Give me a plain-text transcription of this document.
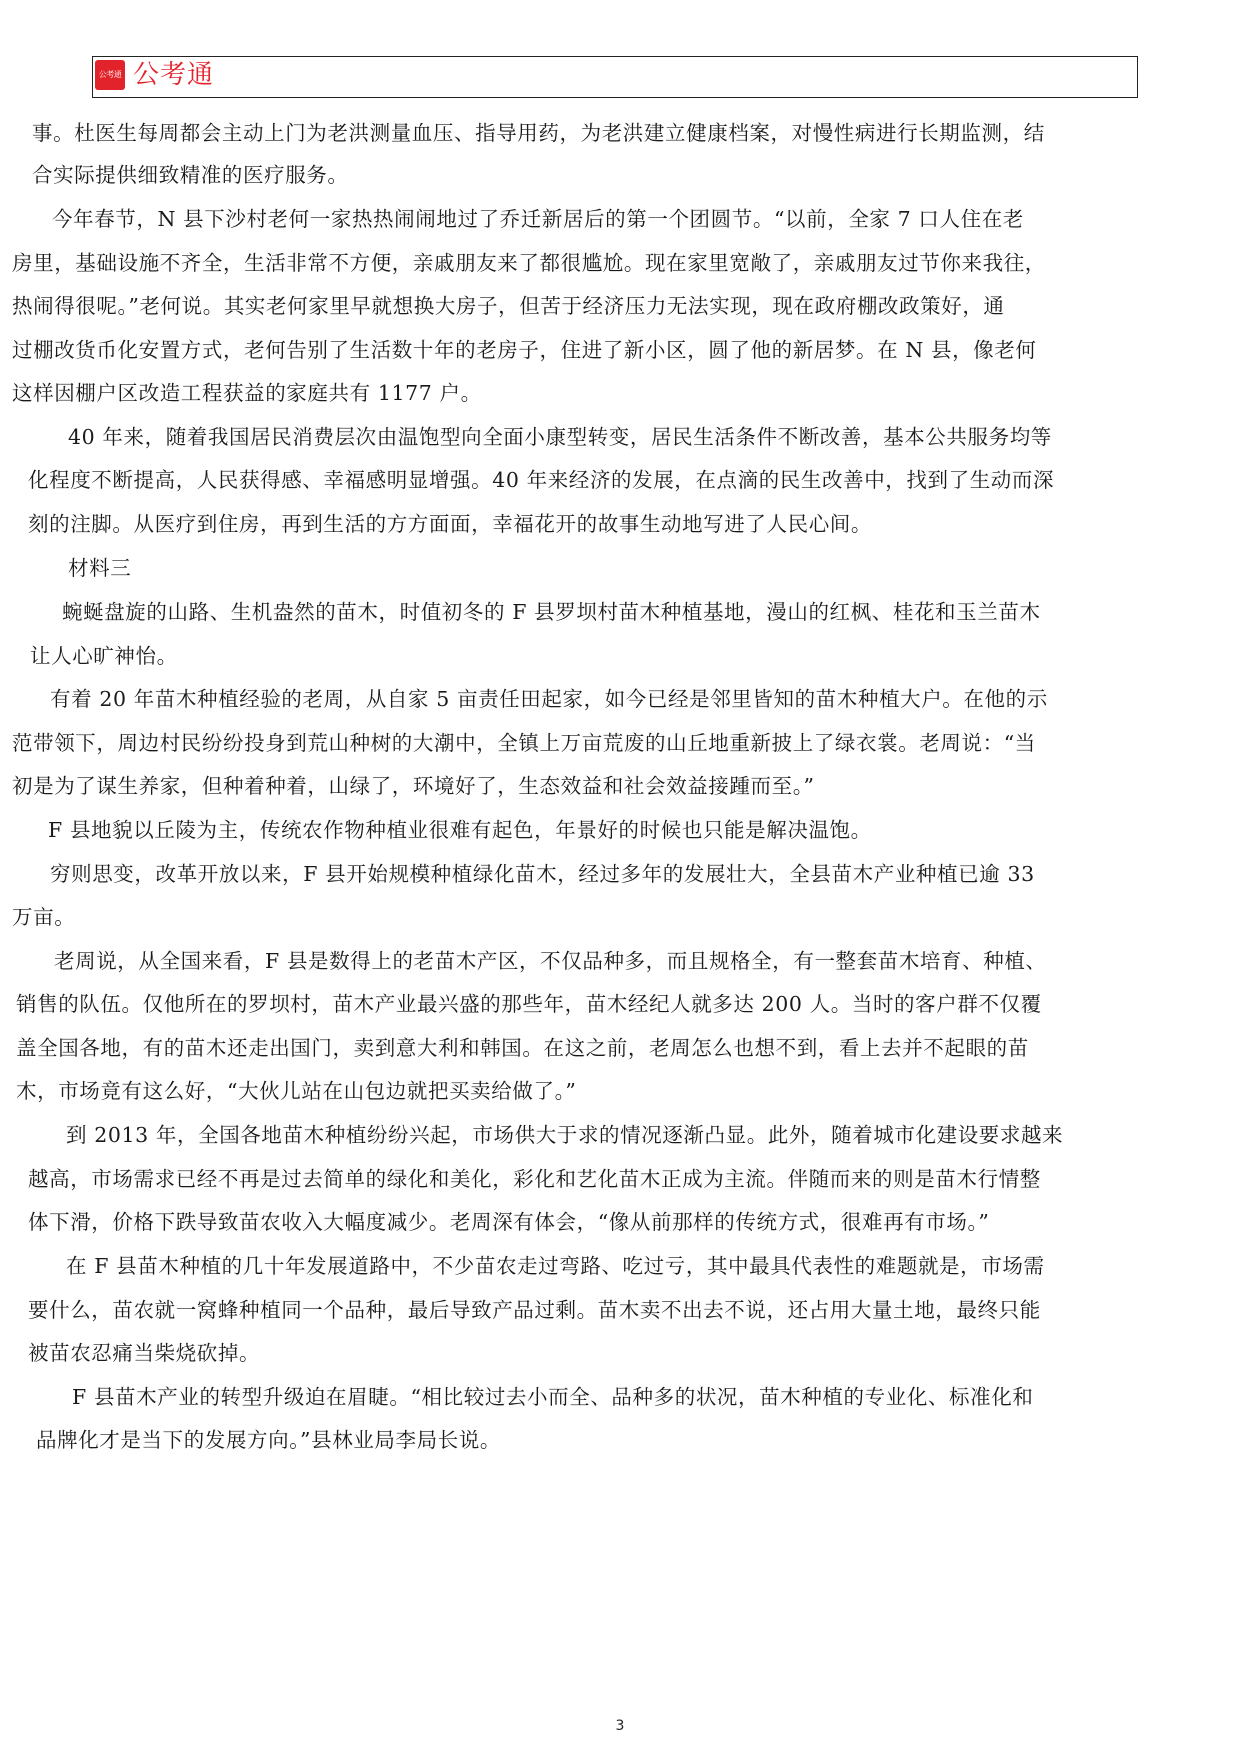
公考通 公考通
事。杜医生每周都会主动上门为老洪测量血压、指导用药，为老洪建立健康档案，对慢性病进行长期监测，结
合实际提供细致精准的医疗服务。
今年春节，N 县下沙村老何一家热热闹闹地过了乔迁新居后的第一个团圆节。“以前，全家 7 口人住在老
房里，基础设施不齐全，生活非常不方便，亲戚朋友来了都很尴尬。现在家里宽敞了，亲戚朋友过节你来我往，
热闹得很呢。”老何说。其实老何家里早就想换大房子，但苦于经济压力无法实现，现在政府棚改政策好，通
过棚改货币化安置方式，老何告别了生活数十年的老房子，住进了新小区，圆了他的新居梦。在 N 县，像老何
这样因棚户区改造工程获益的家庭共有 1177 户。
40 年来，随着我国居民消费层次由温饱型向全面小康型转变，居民生活条件不断改善，基本公共服务均等
化程度不断提高，人民获得感、幸福感明显增强。40 年来经济的发展，在点滴的民生改善中，找到了生动而深
刻的注脚。从医疗到住房，再到生活的方方面面，幸福花开的故事生动地写进了人民心间。
材料三
蜿蜒盘旋的山路、生机盎然的苗木，时值初冬的 F 县罗坝村苗木种植基地，漫山的红枫、桂花和玉兰苗木
让人心旷神怡。
有着 20 年苗木种植经验的老周，从自家 5 亩责任田起家，如今已经是邻里皆知的苗木种植大户。在他的示
范带领下，周边村民纷纷投身到荒山种树的大潮中，全镇上万亩荒废的山丘地重新披上了绿衣裳。老周说：“当
初是为了谋生养家，但种着种着，山绿了，环境好了，生态效益和社会效益接踵而至。”
F 县地貌以丘陵为主，传统农作物种植业很难有起色，年景好的时候也只能是解决温饱。
穷则思变，改革开放以来，F 县开始规模种植绿化苗木，经过多年的发展壮大，全县苗木产业种植已逾 33
万亩。
老周说，从全国来看，F 县是数得上的老苗木产区，不仅品种多，而且规格全，有一整套苗木培育、种植、
销售的队伍。仅他所在的罗坝村，苗木产业最兴盛的那些年，苗木经纪人就多达 200 人。当时的客户群不仅覆
盖全国各地，有的苗木还走出国门，卖到意大利和韩国。在这之前，老周怎么也想不到，看上去并不起眼的苗
木，市场竟有这么好，“大伙儿站在山包边就把买卖给做了。”
到 2013 年，全国各地苗木种植纷纷兴起，市场供大于求的情况逐渐凸显。此外，随着城市化建设要求越来
越高，市场需求已经不再是过去简单的绿化和美化，彩化和艺化苗木正成为主流。伴随而来的则是苗木行情整
体下滑，价格下跌导致苗农收入大幅度减少。老周深有体会，“像从前那样的传统方式，很难再有市场。”
在 F 县苗木种植的几十年发展道路中，不少苗农走过弯路、吃过亏，其中最具代表性的难题就是，市场需
要什么，苗农就一窝蜂种植同一个品种，最后导致产品过剩。苗木卖不出去不说，还占用大量土地，最终只能
被苗农忍痛当柴烧砍掉。
F 县苗木产业的转型升级迫在眉睫。“相比较过去小而全、品种多的状况，苗木种植的专业化、标准化和
品牌化才是当下的发展方向。”县林业局李局长说。
3
